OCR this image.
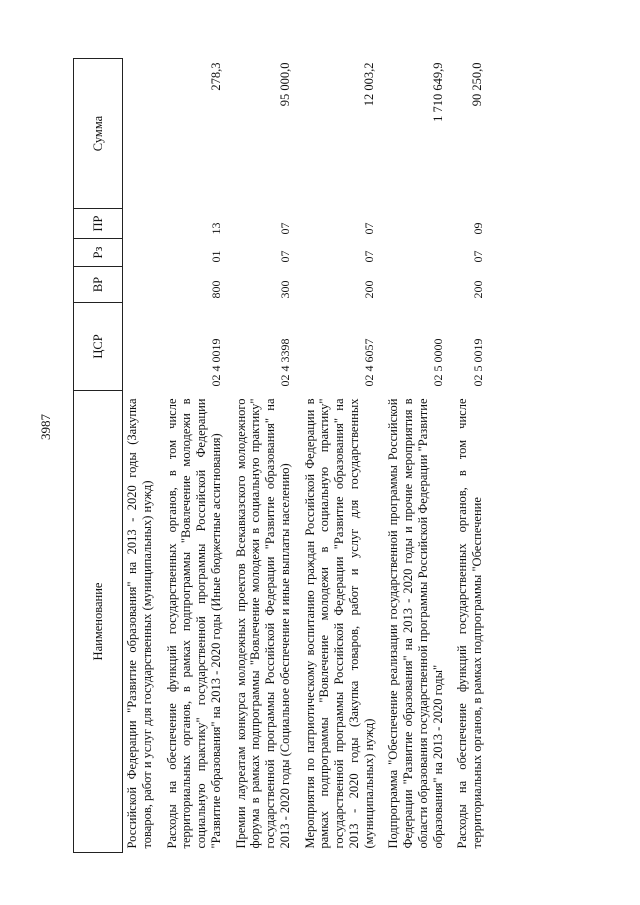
3987
Наименование	ЦСР	ВР	Рз	ПР	Сумма
Российской Федерации "Развитие образования" на 2013 - 2020 годы (Закупка товаров, работ и услуг для государственных (муниципальных) нужд)					
Расходы на обеспечение функций государственных органов, в том числе территориальных органов, в рамках подпрограммы "Вовлечение молодежи в социальную практику" государственной программы Российской Федерации "Развитие образования" на 2013 - 2020 годы (Иные бюджетные ассигнования)	02 4 0019	800	01	13	278,3
Премии лауреатам конкурса молодежных проектов Всекавказского молодежного форума в рамках подпрограммы "Вовлечение молодежи в социальную практику" государственной программы Российской Федерации "Развитие образования" на 2013 - 2020 годы (Социальное обеспечение и иные выплаты населению)	02 4 3398	300	07	07	95 000,0
Мероприятия по патриотическому воспитанию граждан Российской Федерации в рамках подпрограммы "Вовлечение молодежи в социальную практику" государственной программы Российской Федерации "Развитие образования" на 2013 - 2020 годы (Закупка товаров, работ и услуг для государственных (муниципальных) нужд)	02 4 6057	200	07	07	12 003,2
Подпрограмма "Обеспечение реализации государственной программы Российской Федерации "Развитие образования" на 2013 - 2020 годы и прочие мероприятия в области образования государственной программы Российской Федерации "Развитие образования" на 2013 - 2020 годы"	02 5 0000				1 710 649,9
Расходы на обеспечение функций государственных органов, в том числе территориальных органов, в рамках подпрограммы "Обеспечение	02 5 0019	200	07	09	90 250,0
